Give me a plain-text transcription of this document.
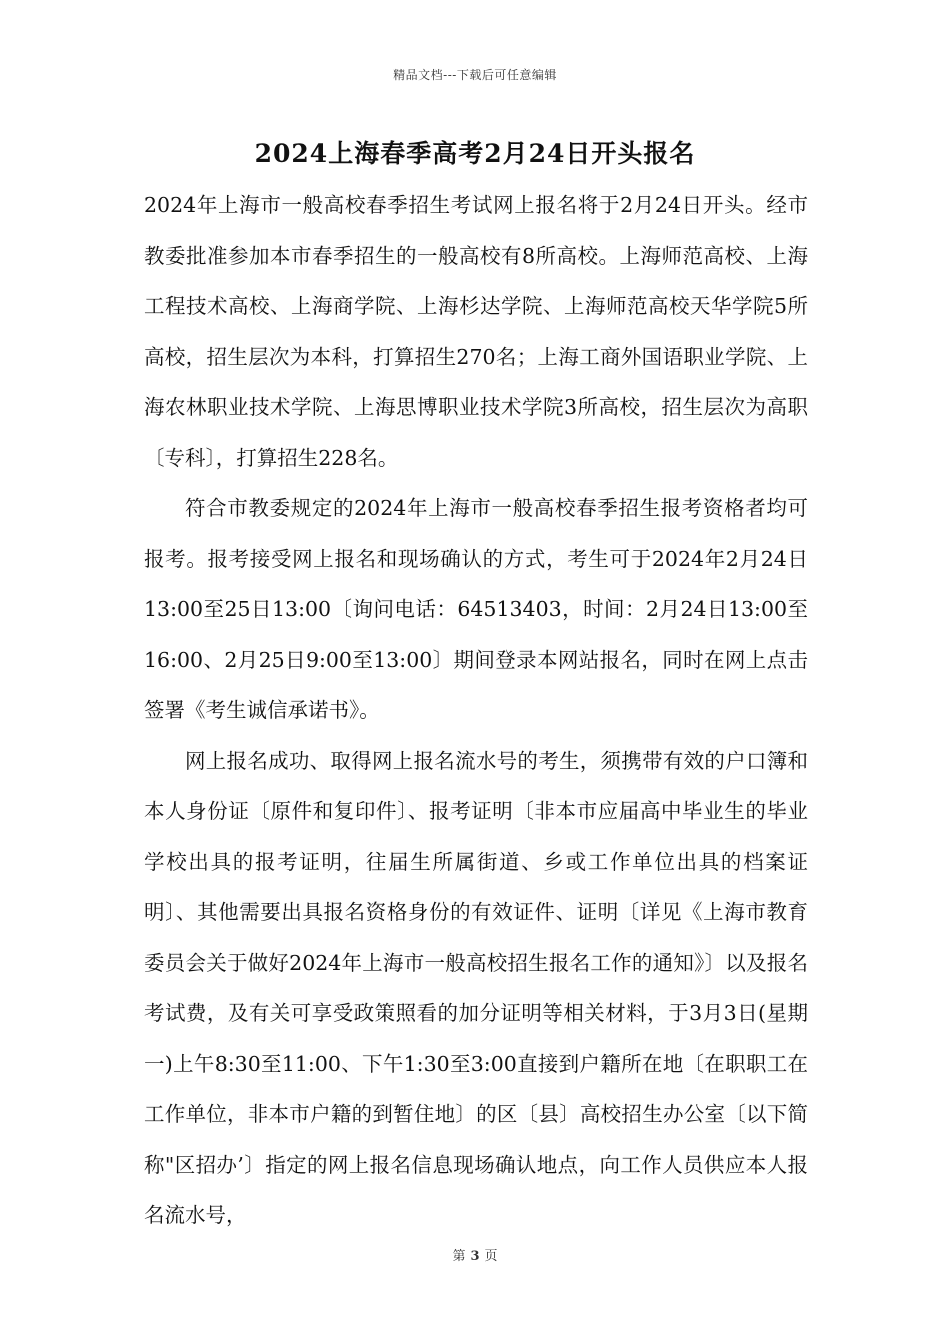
精品文档---下载后可任意编辑
2024上海春季高考2月24日开头报名

2024年上海市一般高校春季招生考试网上报名将于2月24日开头。经市教委批准参加本市春季招生的一般高校有8所高校。上海师范高校、上海工程技术高校、上海商学院、上海杉达学院、上海师范高校天华学院5所高校，招生层次为本科，打算招生270名；上海工商外国语职业学院、上海农林职业技术学院、上海思博职业技术学院3所高校，招生层次为高职〔专科〕，打算招生228名。

符合市教委规定的2024年上海市一般高校春季招生报考资格者均可报考。报考接受网上报名和现场确认的方式，考生可于2024年2月24日13:00至25日13:00〔询问电话：64513403，时间：2月24日13:00至16:00、2月25日9:00至13:00〕期间登录本网站报名，同时在网上点击签署《考生诚信承诺书》。

网上报名成功、取得网上报名流水号的考生，须携带有效的户口簿和本人身份证〔原件和复印件〕、报考证明〔非本市应届高中毕业生的毕业学校出具的报考证明，往届生所属街道、乡或工作单位出具的档案证明〕、其他需要出具报名资格身份的有效证件、证明〔详见《上海市教育委员会关于做好2024年上海市一般高校招生报名工作的通知》〕以及报名考试费，及有关可享受政策照看的加分证明等相关材料，于3月3日(星期一)上午8:30至11:00、下午1:30至3:00直接到户籍所在地〔在职职工在工作单位，非本市户籍的到暂住地〕的区〔县〕高校招生办公室〔以下简称"区招办’〕指定的网上报名信息现场确认地点，向工作人员供应本人报名流水号，

第 3 页
